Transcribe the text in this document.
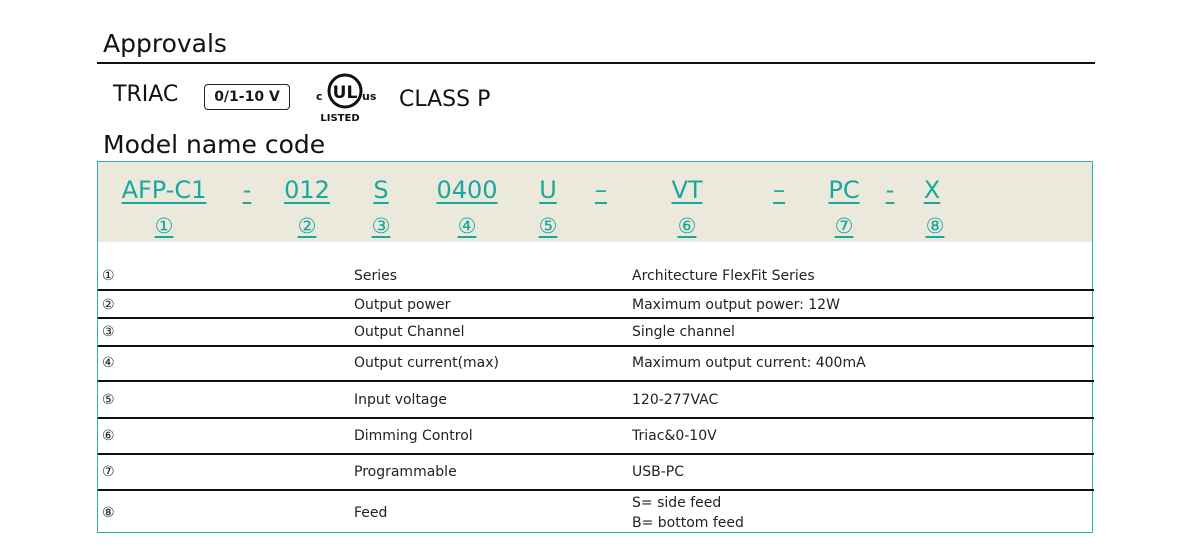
Approvals
TRIAC	0/1-10 V	UL
c	us
LISTED
CLASS P
Model name code
AFP-C1 - 012 S 0400 U –	VT	– PC - X
①	②	③	④	⑤	⑥	⑦	⑧
①	Series	Architecture FlexFit Series
②	Output power	Maximum output power: 12W
③	Output Channel	Single channel
④	Output current(max)	Maximum output current: 400mA
⑤	Input voltage	120-277VAC
⑥	Dimming Control	Triac&0-10V
⑦	Programmable	USB-PC
⑧	Feed
S= side feed
B= bottom feed
